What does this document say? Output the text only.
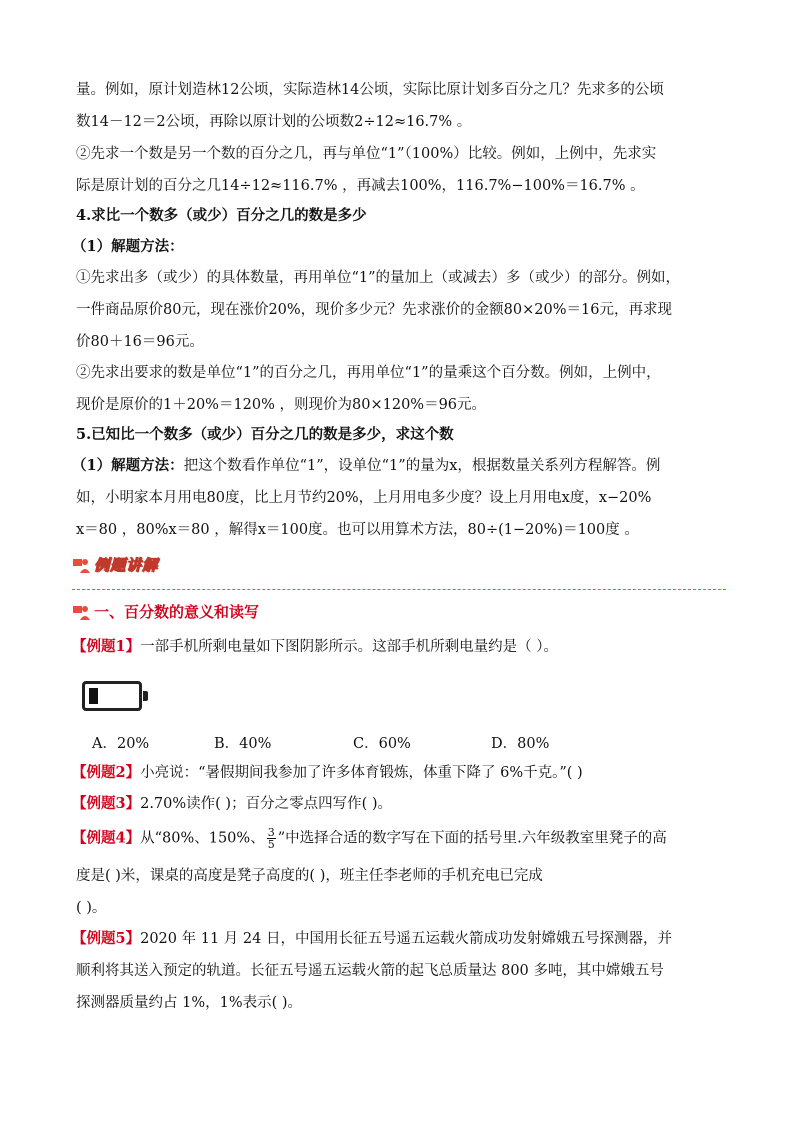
量。例如，原计划造林12公顷，实际造林14公顷，实际比原计划多百分之几？先求多的公顷
数14－12＝2公顷，再除以原计划的公顷数2÷12≈16.7% 。
②先求一个数是另一个数的百分之几，再与单位“1”（100%）比较。例如，上例中，先求实
际是原计划的百分之几14÷12≈116.7% ，再减去100%，116.7%−100%＝16.7% 。
4.求比一个数多（或少）百分之几的数是多少
（1）解题方法：
①先求出多（或少）的具体数量，再用单位“1”的量加上（或减去）多（或少）的部分。例如，
一件商品原价80元，现在涨价20%，现价多少元？先求涨价的金额80×20%＝16元，再求现
价80＋16＝96元。
②先求出要求的数是单位“1”的百分之几，再用单位“1”的量乘这个百分数。例如，上例中，
现价是原价的1＋20%＝120% ，则现价为80×120%＝96元。
5.已知比一个数多（或少）百分之几的数是多少，求这个数
（1）解题方法：把这个数看作单位“1”，设单位“1”的量为x，根据数量关系列方程解答。例
如，小明家本月用电80度，比上月节约20%，上月用电多少度？设上月用电x度，x−20%
x＝80 ，80%x＝80 ，解得x＝100度。也可以用算术方法，80÷(1−20%)＝100度 。
例题讲解
一、百分数的意义和读写
【例题1】一部手机所剩电量如下图阴影所示。这部手机所剩电量约是（ ）。
A．20%	B．40%	C．60%	D．80%
【例题2】小亮说：“暑假期间我参加了许多体育锻炼，体重下降了 6%千克。”( )
【例题3】2.70%读作( )；百分之零点四写作( )。
【例题4】从“80%、150%、 $\frac{3}{5}$ ”中选择合适的数字写在下面的括号里.六年级教室里凳子的高
度是( )米，课桌的高度是凳子高度的( )，班主任李老师的手机充电已完成
( )。
【例题5】2020 年 11 月 24 日，中国用长征五号遥五运载火箭成功发射嫦娥五号探测器，并
顺利将其送入预定的轨道。长征五号遥五运载火箭的起飞总质量达 800 多吨，其中嫦娥五号
探测器质量约占 1%，1%表示( )。
